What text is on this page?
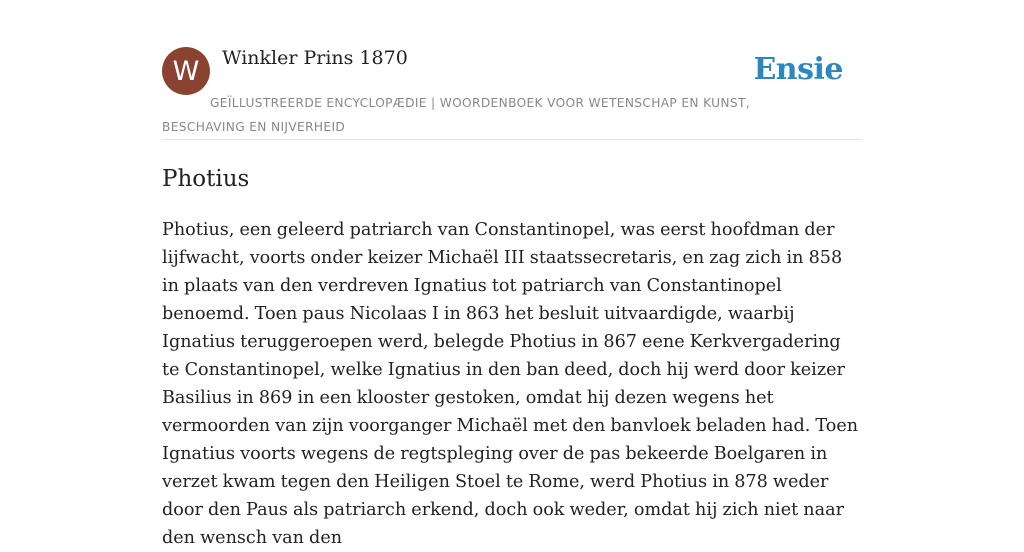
W Winkler Prins 1870	Ensie
GEÏLLUSTREERDE ENCYCLOPÆDIE | WOORDENBOEK VOOR WETENSCHAP EN KUNST, BESCHAVING EN NIJVERHEID
Photius

Photius, een geleerd patriarch van Constantinopel, was eerst hoofdman der lijfwacht, voorts onder keizer Michaël III staatssecretaris, en zag zich in 858 in plaats van den verdreven Ignatius tot patriarch van Constantinopel benoemd. Toen paus Nicolaas I in 863 het besluit uitvaardigde, waarbij Ignatius teruggeroepen werd, belegde Photius in 867 eene Kerkvergadering te Constantinopel, welke Ignatius in den ban deed, doch hij werd door keizer Basilius in 869 in een klooster gestoken, omdat hij dezen wegens het vermoorden van zijn voorganger Michaël met den banvloek beladen had. Toen Ignatius voorts wegens de regtspleging over de pas bekeerde Boelgaren in verzet kwam tegen den Heiligen Stoel te Rome, werd Photius in 878 weder door den Paus als patriarch erkend, doch ook weder, omdat hij zich niet naar den wensch van den
